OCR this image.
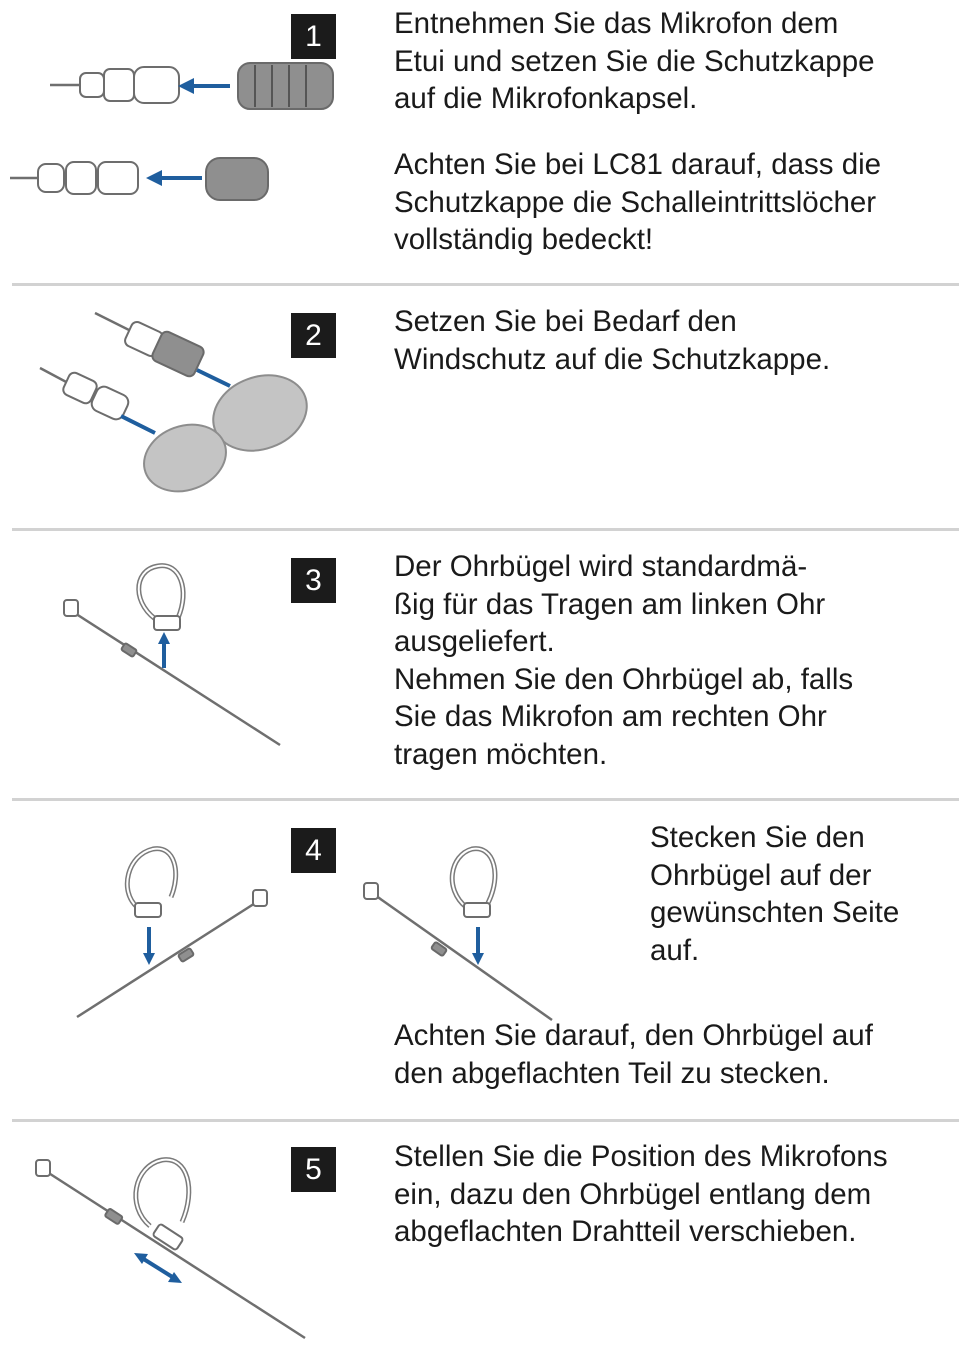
1	Entnehmen Sie das Mikrofon dem
Etui und setzen Sie die Schutzkappe
auf die Mikrofonkapsel.

Achten Sie bei LC81 darauf, dass die
Schutzkappe die Schalleintrittslöcher
vollständig bedeckt!

2	Setzen Sie bei Bedarf den
Windschutz auf die Schutzkappe.

3	Der Ohrbügel wird standardmä-
ßig für das Tragen am linken Ohr
ausgeliefert.
Nehmen Sie den Ohrbügel ab, falls
Sie das Mikrofon am rechten Ohr
tragen möchten.

4	Stecken Sie den
Ohrbügel auf der
gewünschten Seite
auf.

Achten Sie darauf, den Ohrbügel auf
den abgeflachten Teil zu stecken.

5	Stellen Sie die Position des Mikrofons
ein, dazu den Ohrbügel entlang dem
abgeflachten Drahtteil verschieben.
